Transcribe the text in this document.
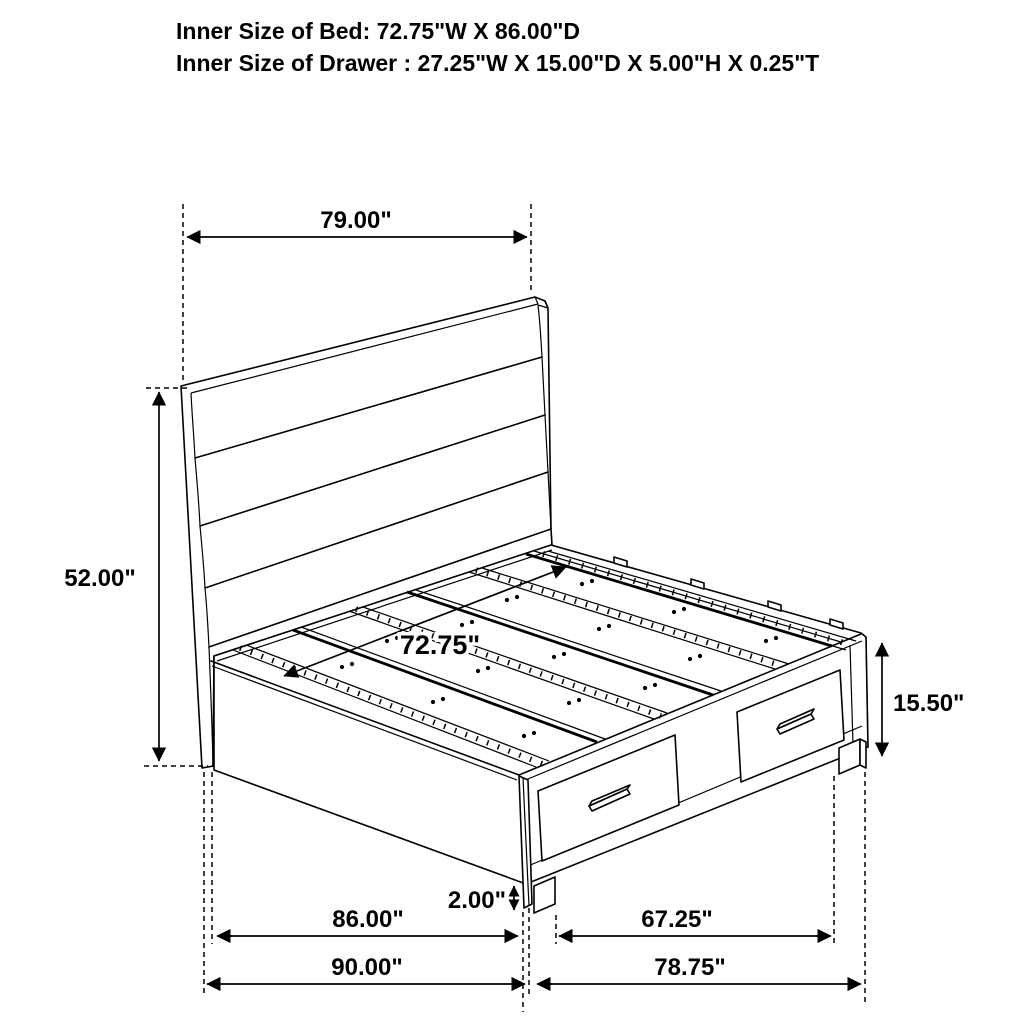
79.00"
52.00"
72.75"
15.50"
2.00"
86.00"	67.25"
90.00"	78.75"
Inner Size of Bed: 72.75"W X 86.00"D
Inner Size of Drawer : 27.25"W X 15.00"D X 5.00"H X 0.25"T
